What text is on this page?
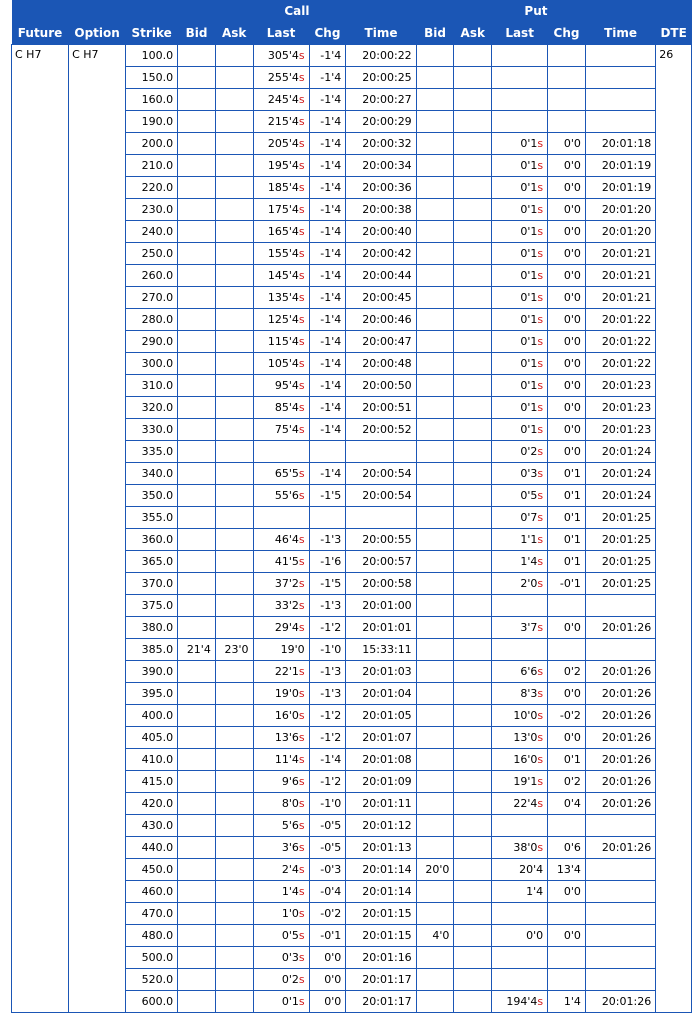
			Call					Put					
Future	Option	Strike	Bid	Ask	Last	Chg	Time	Bid	Ask	Last	Chg	Time	DTE
C H7	C H7	100.0			305'4s	-1'4	20:00:22						26
		150.0			255'4s	-1'4	20:00:25						
		160.0			245'4s	-1'4	20:00:27						
		190.0			215'4s	-1'4	20:00:29						
		200.0			205'4s	-1'4	20:00:32			0'1s	0'0	20:01:18	
		210.0			195'4s	-1'4	20:00:34			0'1s	0'0	20:01:19	
		220.0			185'4s	-1'4	20:00:36			0'1s	0'0	20:01:19	
		230.0			175'4s	-1'4	20:00:38			0'1s	0'0	20:01:20	
		240.0			165'4s	-1'4	20:00:40			0'1s	0'0	20:01:20	
		250.0			155'4s	-1'4	20:00:42			0'1s	0'0	20:01:21	
		260.0			145'4s	-1'4	20:00:44			0'1s	0'0	20:01:21	
		270.0			135'4s	-1'4	20:00:45			0'1s	0'0	20:01:21	
		280.0			125'4s	-1'4	20:00:46			0'1s	0'0	20:01:22	
		290.0			115'4s	-1'4	20:00:47			0'1s	0'0	20:01:22	
		300.0			105'4s	-1'4	20:00:48			0'1s	0'0	20:01:22	
		310.0			95'4s	-1'4	20:00:50			0'1s	0'0	20:01:23	
		320.0			85'4s	-1'4	20:00:51			0'1s	0'0	20:01:23	
		330.0			75'4s	-1'4	20:00:52			0'1s	0'0	20:01:23	
		335.0								0'2s	0'0	20:01:24	
		340.0			65'5s	-1'4	20:00:54			0'3s	0'1	20:01:24	
		350.0			55'6s	-1'5	20:00:54			0'5s	0'1	20:01:24	
		355.0								0'7s	0'1	20:01:25	
		360.0			46'4s	-1'3	20:00:55			1'1s	0'1	20:01:25	
		365.0			41'5s	-1'6	20:00:57			1'4s	0'1	20:01:25	
		370.0			37'2s	-1'5	20:00:58			2'0s	-0'1	20:01:25	
		375.0			33'2s	-1'3	20:01:00						
		380.0			29'4s	-1'2	20:01:01			3'7s	0'0	20:01:26	
		385.0	21'4	23'0	19'0	-1'0	15:33:11						
		390.0			22'1s	-1'3	20:01:03			6'6s	0'2	20:01:26	
		395.0			19'0s	-1'3	20:01:04			8'3s	0'0	20:01:26	
		400.0			16'0s	-1'2	20:01:05			10'0s	-0'2	20:01:26	
		405.0			13'6s	-1'2	20:01:07			13'0s	0'0	20:01:26	
		410.0			11'4s	-1'4	20:01:08			16'0s	0'1	20:01:26	
		415.0			9'6s	-1'2	20:01:09			19'1s	0'2	20:01:26	
		420.0			8'0s	-1'0	20:01:11			22'4s	0'4	20:01:26	
		430.0			5'6s	-0'5	20:01:12						
		440.0			3'6s	-0'5	20:01:13			38'0s	0'6	20:01:26	
		450.0			2'4s	-0'3	20:01:14	20'0		20'4	13'4		
		460.0			1'4s	-0'4	20:01:14			1'4	0'0		
		470.0			1'0s	-0'2	20:01:15						
		480.0			0'5s	-0'1	20:01:15	4'0		0'0	0'0		
		500.0			0'3s	0'0	20:01:16						
		520.0			0'2s	0'0	20:01:17						
		600.0			0'1s	0'0	20:01:17			194'4s	1'4	20:01:26	
